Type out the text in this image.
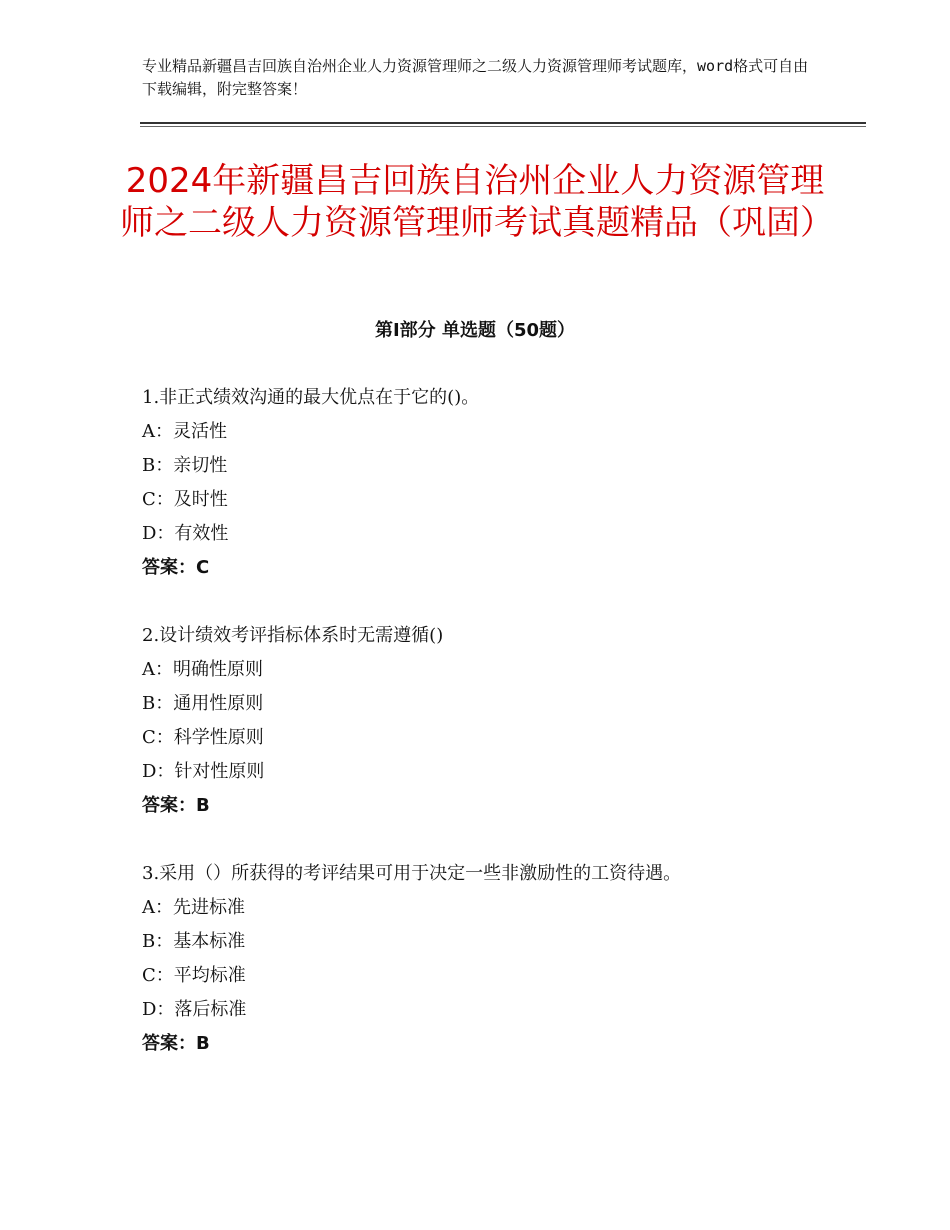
专业精品新疆昌吉回族自治州企业人力资源管理师之二级人力资源管理师考试题库，word格式可自由下载编辑，附完整答案！
2024年新疆昌吉回族自治州企业人力资源管理师之二级人力资源管理师考试真题精品（巩固）
第Ⅰ部分 单选题（50题）
1.非正式绩效沟通的最大优点在于它的()。
A：灵活性
B：亲切性
C：及时性
D：有效性
答案：C
2.设计绩效考评指标体系时无需遵循()
A：明确性原则
B：通用性原则
C：科学性原则
D：针对性原则
答案：B
3.采用（）所获得的考评结果可用于决定一些非激励性的工资待遇。
A：先进标准
B：基本标准
C：平均标准
D：落后标准
答案：B
